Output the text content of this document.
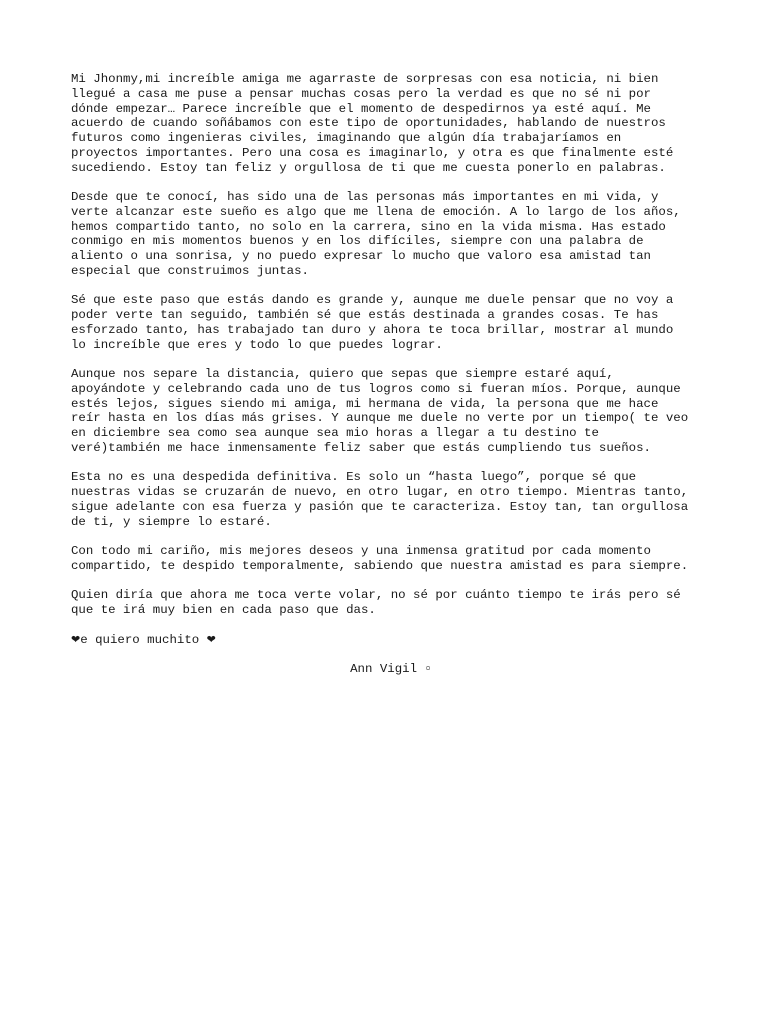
Mi Jhonmy,mi increíble amiga me agarraste de sorpresas con esa noticia, ni bien
llegué a casa me puse a pensar muchas cosas pero la verdad es que no sé ni por
dónde empezar… Parece increíble que el momento de despedirnos ya esté aquí. Me
acuerdo de cuando soñábamos con este tipo de oportunidades, hablando de nuestros
futuros como ingenieras civiles, imaginando que algún día trabajaríamos en
proyectos importantes. Pero una cosa es imaginarlo, y otra es que finalmente esté
sucediendo. Estoy tan feliz y orgullosa de ti que me cuesta ponerlo en palabras.

Desde que te conocí, has sido una de las personas más importantes en mi vida, y
verte alcanzar este sueño es algo que me llena de emoción. A lo largo de los años,
hemos compartido tanto, no solo en la carrera, sino en la vida misma. Has estado
conmigo en mis momentos buenos y en los difíciles, siempre con una palabra de
aliento o una sonrisa, y no puedo expresar lo mucho que valoro esa amistad tan
especial que construimos juntas.

Sé que este paso que estás dando es grande y, aunque me duele pensar que no voy a
poder verte tan seguido, también sé que estás destinada a grandes cosas. Te has
esforzado tanto, has trabajado tan duro y ahora te toca brillar, mostrar al mundo
lo increíble que eres y todo lo que puedes lograr.

Aunque nos separe la distancia, quiero que sepas que siempre estaré aquí,
apoyándote y celebrando cada uno de tus logros como si fueran míos. Porque, aunque
estés lejos, sigues siendo mi amiga, mi hermana de vida, la persona que me hace
reír hasta en los días más grises. Y aunque me duele no verte por un tiempo( te veo
en diciembre sea como sea aunque sea mio horas a llegar a tu destino te
veré)también me hace inmensamente feliz saber que estás cumpliendo tus sueños.

Esta no es una despedida definitiva. Es solo un “hasta luego”, porque sé que
nuestras vidas se cruzarán de nuevo, en otro lugar, en otro tiempo. Mientras tanto,
sigue adelante con esa fuerza y pasión que te caracteriza. Estoy tan, tan orgullosa
de ti, y siempre lo estaré.

Con todo mi cariño, mis mejores deseos y una inmensa gratitud por cada momento
compartido, te despido temporalmente, sabiendo que nuestra amistad es para siempre.

Quien diría que ahora me toca verte volar, no sé por cuánto tiempo te irás pero sé
que te irá muy bien en cada paso que das.

❤e quiero muchito ❤

Ann Vigil ▫
